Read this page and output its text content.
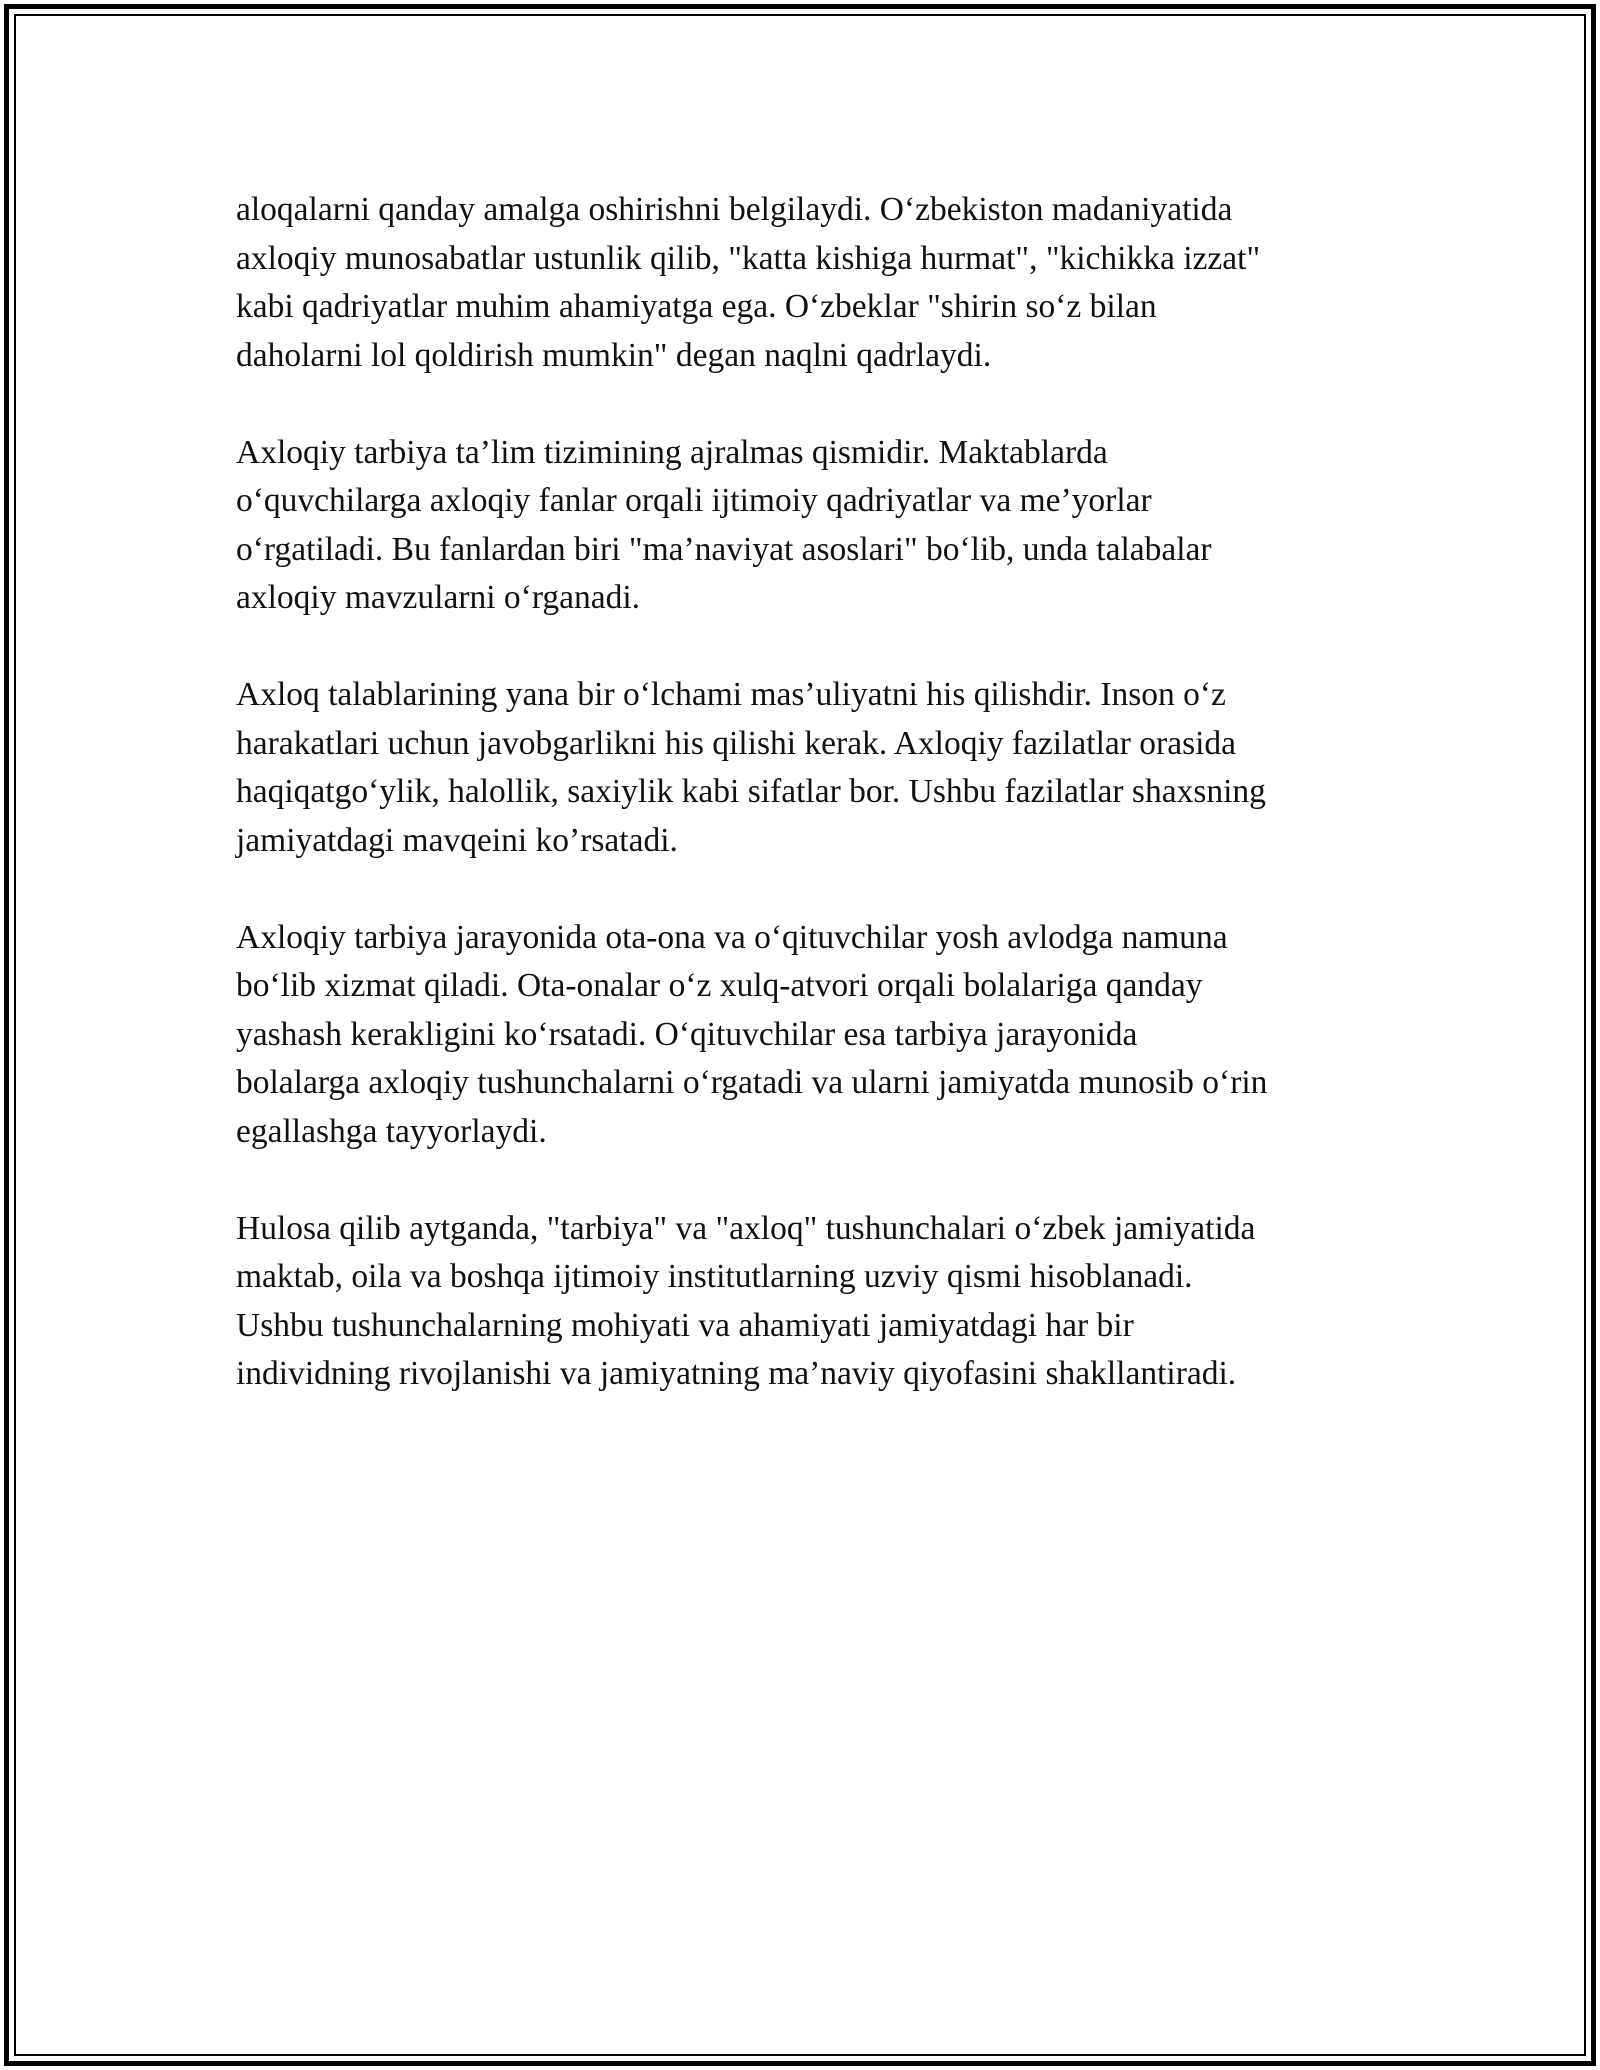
aloqalarni qanday amalga oshirishni belgilaydi. O‘zbekiston madaniyatida
axloqiy munosabatlar ustunlik qilib, "katta kishiga hurmat", "kichikka izzat"
kabi qadriyatlar muhim ahamiyatga ega. O‘zbeklar "shirin so‘z bilan
daholarni lol qoldirish mumkin" degan naqlni qadrlaydi.

Axloqiy tarbiya ta’lim tizimining ajralmas qismidir. Maktablarda
o‘quvchilarga axloqiy fanlar orqali ijtimoiy qadriyatlar va me’yorlar
o‘rgatiladi. Bu fanlardan biri "ma’naviyat asoslari" bo‘lib, unda talabalar
axloqiy mavzularni o‘rganadi.

Axloq talablarining yana bir o‘lchami mas’uliyatni his qilishdir. Inson o‘z
harakatlari uchun javobgarlikni his qilishi kerak. Axloqiy fazilatlar orasida
haqiqatgo‘ylik, halollik, saxiylik kabi sifatlar bor. Ushbu fazilatlar shaxsning
jamiyatdagi mavqeini ko’rsatadi.

Axloqiy tarbiya jarayonida ota-ona va o‘qituvchilar yosh avlodga namuna
bo‘lib xizmat qiladi. Ota-onalar o‘z xulq-atvori orqali bolalariga qanday
yashash kerakligini ko‘rsatadi. O‘qituvchilar esa tarbiya jarayonida
bolalarga axloqiy tushunchalarni o‘rgatadi va ularni jamiyatda munosib o‘rin
egallashga tayyorlaydi.

Hulosa qilib aytganda, "tarbiya" va "axloq" tushunchalari o‘zbek jamiyatida
maktab, oila va boshqa ijtimoiy institutlarning uzviy qismi hisoblanadi.
Ushbu tushunchalarning mohiyati va ahamiyati jamiyatdagi har bir
individning rivojlanishi va jamiyatning ma’naviy qiyofasini shakllantiradi.
